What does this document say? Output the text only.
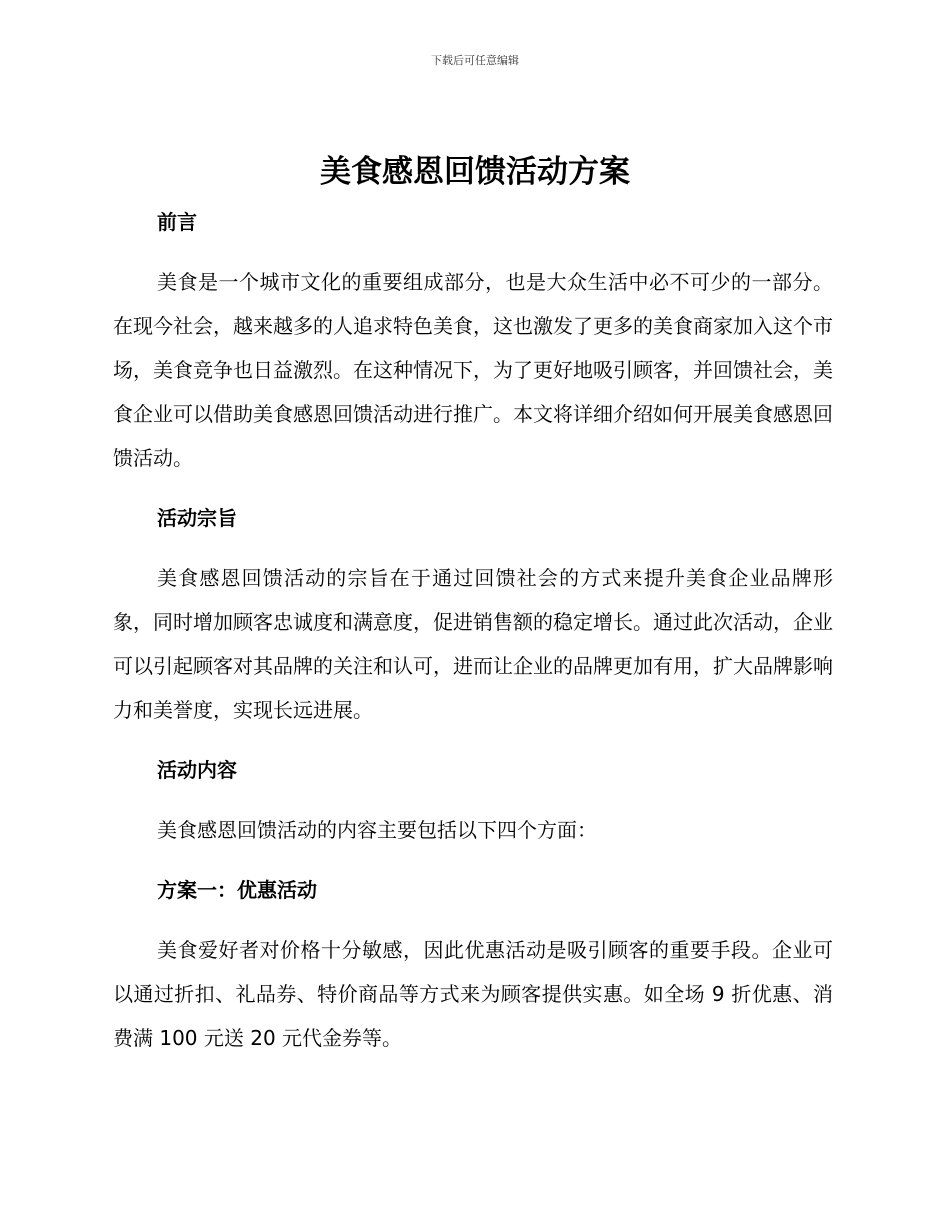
下载后可任意编辑
美食感恩回馈活动方案
前言

美食是一个城市文化的重要组成部分，也是大众生活中必不可少的一部分。在现今社会，越来越多的人追求特色美食，这也激发了更多的美食商家加入这个市场，美食竞争也日益激烈。在这种情况下，为了更好地吸引顾客，并回馈社会，美食企业可以借助美食感恩回馈活动进行推广。本文将详细介绍如何开展美食感恩回馈活动。

活动宗旨

美食感恩回馈活动的宗旨在于通过回馈社会的方式来提升美食企业品牌形象，同时增加顾客忠诚度和满意度，促进销售额的稳定增长。通过此次活动，企业可以引起顾客对其品牌的关注和认可，进而让企业的品牌更加有用，扩大品牌影响力和美誉度，实现长远进展。

活动内容

美食感恩回馈活动的内容主要包括以下四个方面：

方案一：优惠活动

美食爱好者对价格十分敏感，因此优惠活动是吸引顾客的重要手段。企业可以通过折扣、礼品券、特价商品等方式来为顾客提供实惠。如全场 9 折优惠、消费满 100 元送 20 元代金券等。
